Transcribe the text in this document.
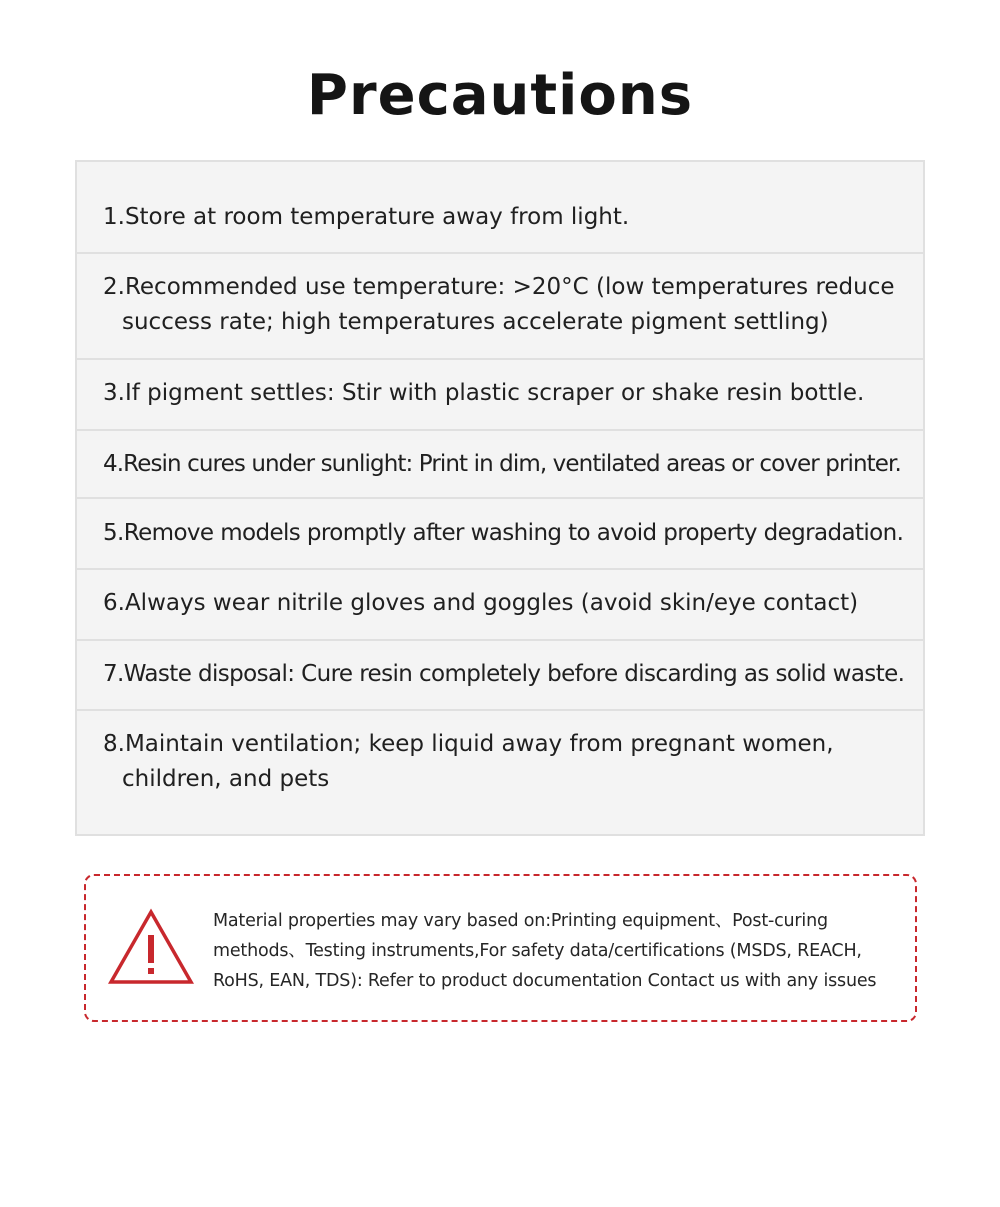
Precautions
1.Store at room temperature away from light.
2.Recommended use temperature: >20°C (low temperatures reduce success rate; high temperatures accelerate pigment settling)
3.If pigment settles: Stir with plastic scraper or shake resin bottle.
4.Resin cures under sunlight: Print in dim, ventilated areas or cover printer.
5.Remove models promptly after washing to avoid property degradation.
6.Always wear nitrile gloves and goggles (avoid skin/eye contact)
7.Waste disposal: Cure resin completely before discarding as solid waste.
8.Maintain ventilation; keep liquid away from pregnant women, children, and pets
Material properties may vary based on:Printing equipment、Post-curing methods、Testing instruments,For safety data/certifications (MSDS, REACH, RoHS, EAN, TDS): Refer to product documentation Contact us with any issues
